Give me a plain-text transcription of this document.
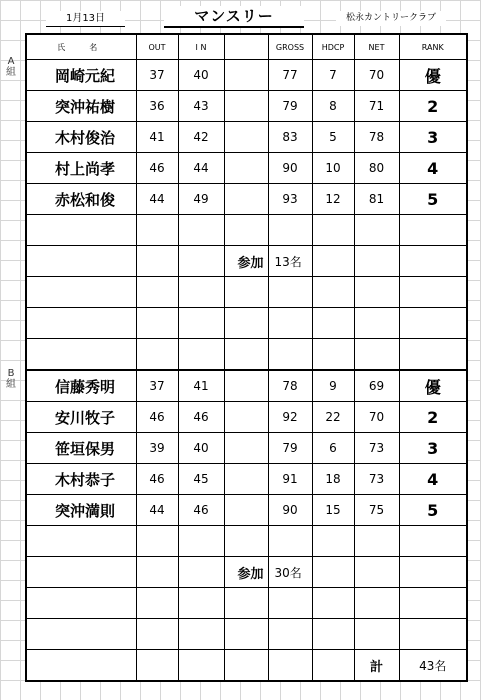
1月13日	マンスリー	松永カントリークラブ
A
組
B
組
氏　名	OUT	I N		GROSS	HDCP	NET	RANK
岡崎元紀	37	40		77	7	70	優
突沖祐樹	36	43		79	8	71	2
木村俊治	41	42		83	5	78	3
村上尚孝	46	44		90	10	80	4
赤松和俊	44	49		93	12	81	5

			参加	13名			

信藤秀明	37	41		78	9	69	優
安川牧子	46	46		92	22	70	2
笹垣保男	39	40		79	6	73	3
木村恭子	46	45		91	18	73	4
突沖満則	44	46		90	15	75	5

			参加	30名			

						計	43名
